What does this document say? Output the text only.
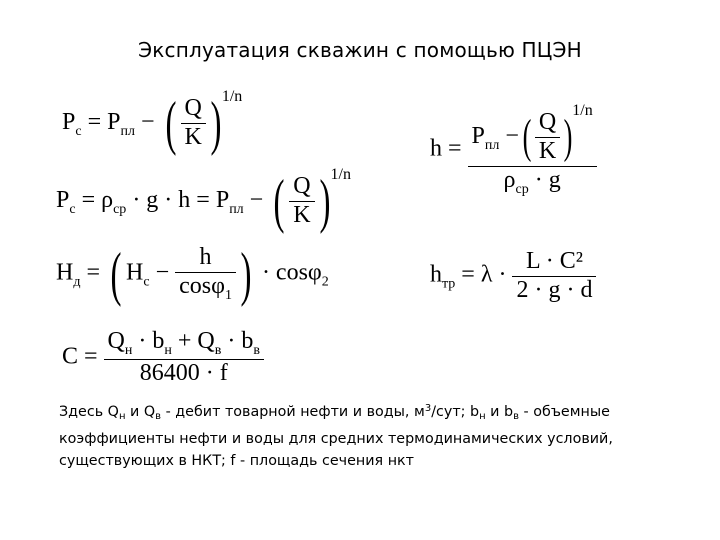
Эксплуатация скважин с помощью ПЦЭН
$P_c = P_{пл}$ − ( $\frac{Q}{K} )^{1/n}$
$P_c = \rho_{ср} \cdot g \cdot h = P_{пл}$ − ( $\frac{Q}{K} )^{1/n}$
$H_д$ = ( $H_c - \frac{h}{\cos\varphi_1}$ ) · cosφ$_2$
$C = \frac{Q_н \cdot b_н + Q_в \cdot b_в}{86400 \cdot f}$
$h = \frac{P_{пл} -( \frac{Q}{K} )^{1/n}}{\rho_{ср} \cdot g}$
$h_{тр} = \lambda \cdot \frac{\text{L · C²}}{2 \cdot g \cdot d}$
Здесь $Q_н$ и $Q_в$ - дебит товарной нефти и воды, $м^3$/сут; $b_н$ и $b_в$ - объемные коэффициенты нефти и воды для средних термодинамических условий, существующих в НКТ; f - площадь сечения нкт
